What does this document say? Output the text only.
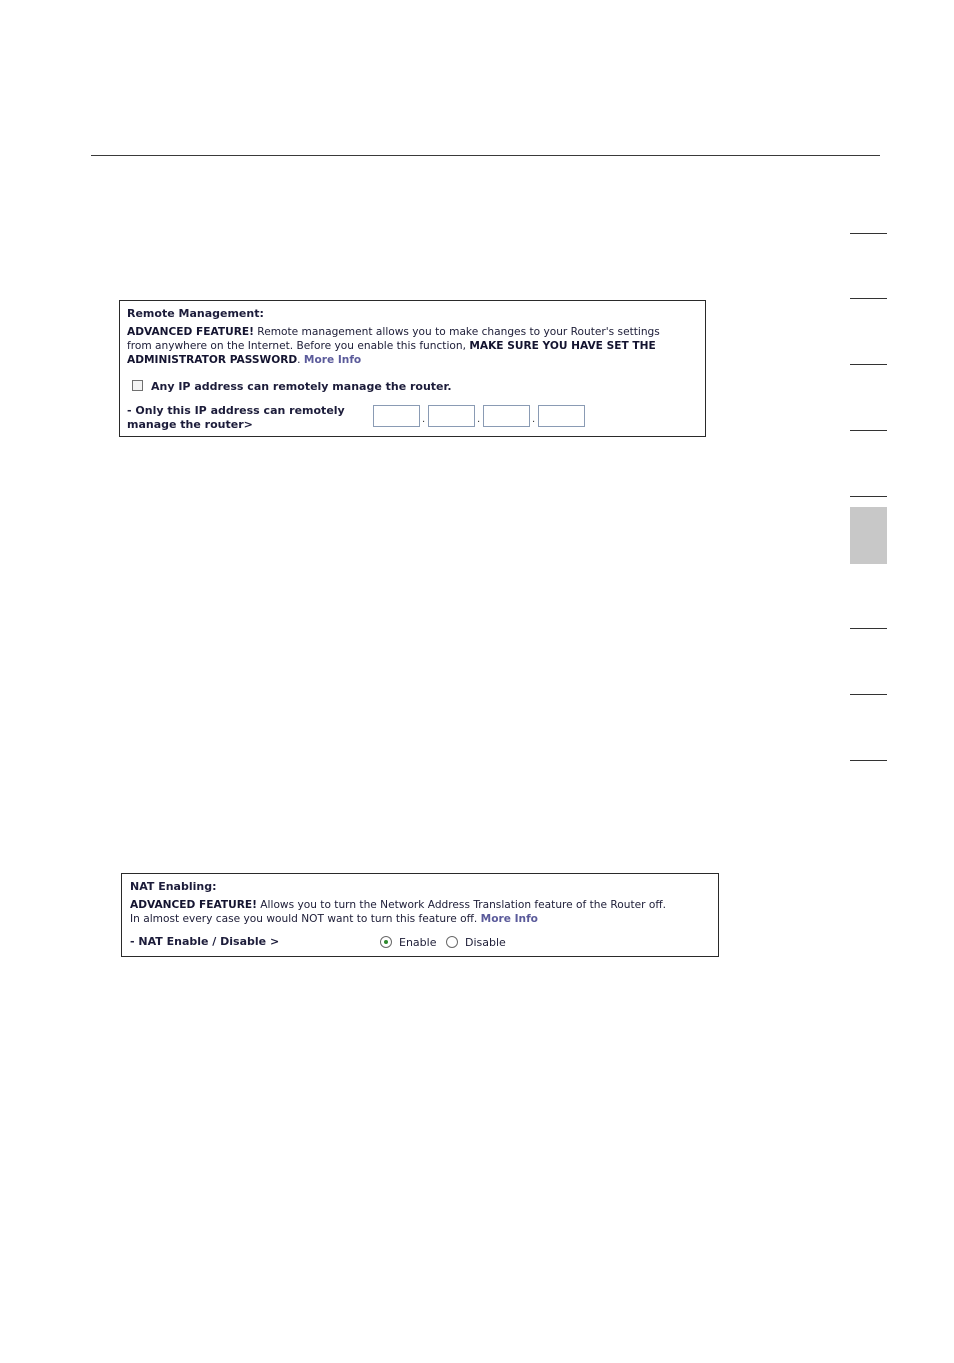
Remote Management:
ADVANCED FEATURE! Remote management allows you to make changes to your Router's settings
from anywhere on the Internet. Before you enable this function, MAKE SURE YOU HAVE SET THE
ADMINISTRATOR PASSWORD. More Info
Any IP address can remotely manage the router.
- Only this IP address can remotely
manage the router>	.	.	.
NAT Enabling:
ADVANCED FEATURE! Allows you to turn the Network Address Translation feature of the Router off.
In almost every case you would NOT want to turn this feature off. More Info
- NAT Enable / Disable >	Enable	Disable
